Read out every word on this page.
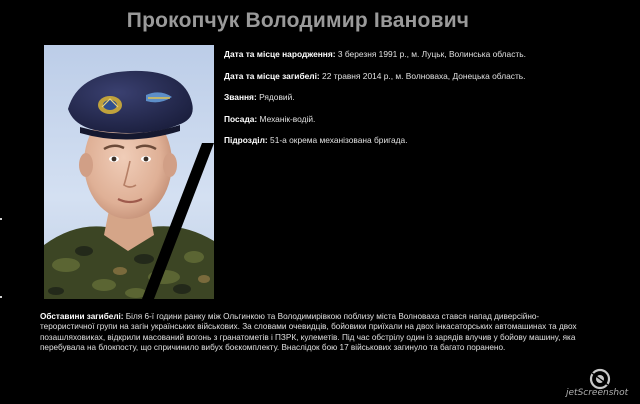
Прокопчук Володимир Іванович
Дата та місце народження: 3 березня 1991 р., м. Луцьк, Волинська область.
Дата та місце загибелі: 22 травня 2014 р., м. Волноваха, Донецька область.
Звання: Рядовий.
Посада: Механік-водій.
Підрозділ: 51-а окрема механізована бригада.
Обставини загибелі: Біля 6-ї години ранку між Ольгинкою та Володимирівкою поблизу міста Волноваха стався напад диверсійно-терористичної групи на загін українських військових. За словами очевидців, бойовики приїхали на двох інкасаторських автомашинах та двох позашляховиках, відкрили масований вогонь з гранатометів і ПЗРК, кулеметів. Під час обстрілу один із зарядів влучив у бойову машину, яка перебувала на блокпосту, що спричинило вибух боєкомплекту. Внаслідок бою 17 військових загинуло та багато поранено.
jetScreenshot
